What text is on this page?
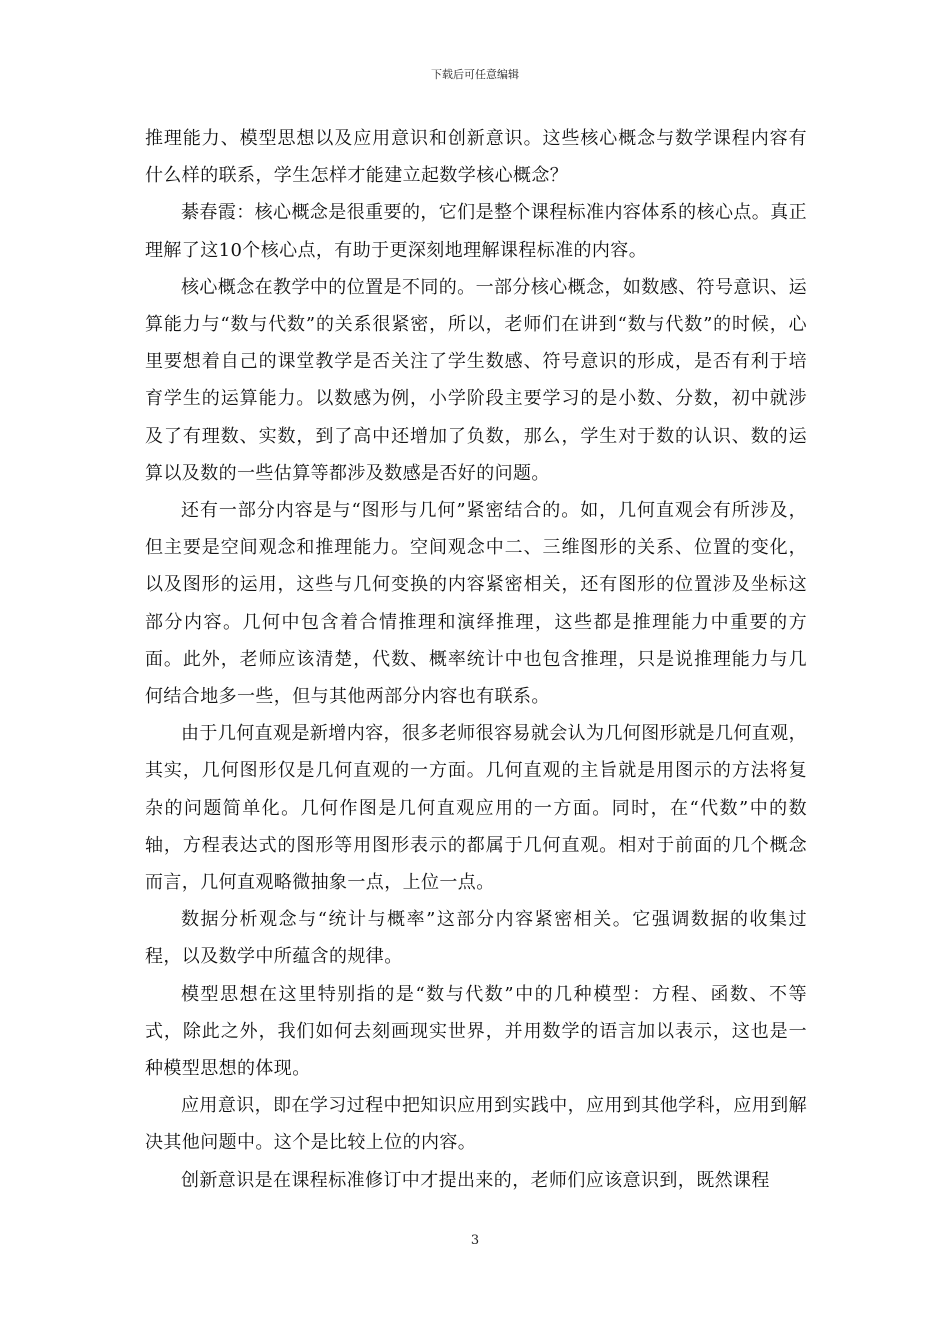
下载后可任意编辑

推理能力、模型思想以及应用意识和创新意识。这些核心概念与数学课程内容有什么样的联系，学生怎样才能建立起数学核心概念？

綦春霞：核心概念是很重要的，它们是整个课程标准内容体系的核心点。真正理解了这10个核心点，有助于更深刻地理解课程标准的内容。

核心概念在教学中的位置是不同的。一部分核心概念，如数感、符号意识、运算能力与“数与代数”的关系很紧密，所以，老师们在讲到“数与代数”的时候，心里要想着自己的课堂教学是否关注了学生数感、符号意识的形成，是否有利于培育学生的运算能力。以数感为例，小学阶段主要学习的是小数、分数，初中就涉及了有理数、实数，到了高中还增加了负数，那么，学生对于数的认识、数的运算以及数的一些估算等都涉及数感是否好的问题。

还有一部分内容是与“图形与几何”紧密结合的。如，几何直观会有所涉及，但主要是空间观念和推理能力。空间观念中二、三维图形的关系、位置的变化，以及图形的运用，这些与几何变换的内容紧密相关，还有图形的位置涉及坐标这部分内容。几何中包含着合情推理和演绎推理，这些都是推理能力中重要的方面。此外，老师应该清楚，代数、概率统计中也包含推理，只是说推理能力与几何结合地多一些，但与其他两部分内容也有联系。

由于几何直观是新增内容，很多老师很容易就会认为几何图形就是几何直观，其实，几何图形仅是几何直观的一方面。几何直观的主旨就是用图示的方法将复杂的问题简单化。几何作图是几何直观应用的一方面。同时，在“代数”中的数轴，方程表达式的图形等用图形表示的都属于几何直观。相对于前面的几个概念而言，几何直观略微抽象一点，上位一点。

数据分析观念与“统计与概率”这部分内容紧密相关。它强调数据的收集过程，以及数学中所蕴含的规律。

模型思想在这里特别指的是“数与代数”中的几种模型：方程、函数、不等式，除此之外，我们如何去刻画现实世界，并用数学的语言加以表示，这也是一种模型思想的体现。

应用意识，即在学习过程中把知识应用到实践中，应用到其他学科，应用到解决其他问题中。这个是比较上位的内容。

创新意识是在课程标准修订中才提出来的，老师们应该意识到，既然课程

3
